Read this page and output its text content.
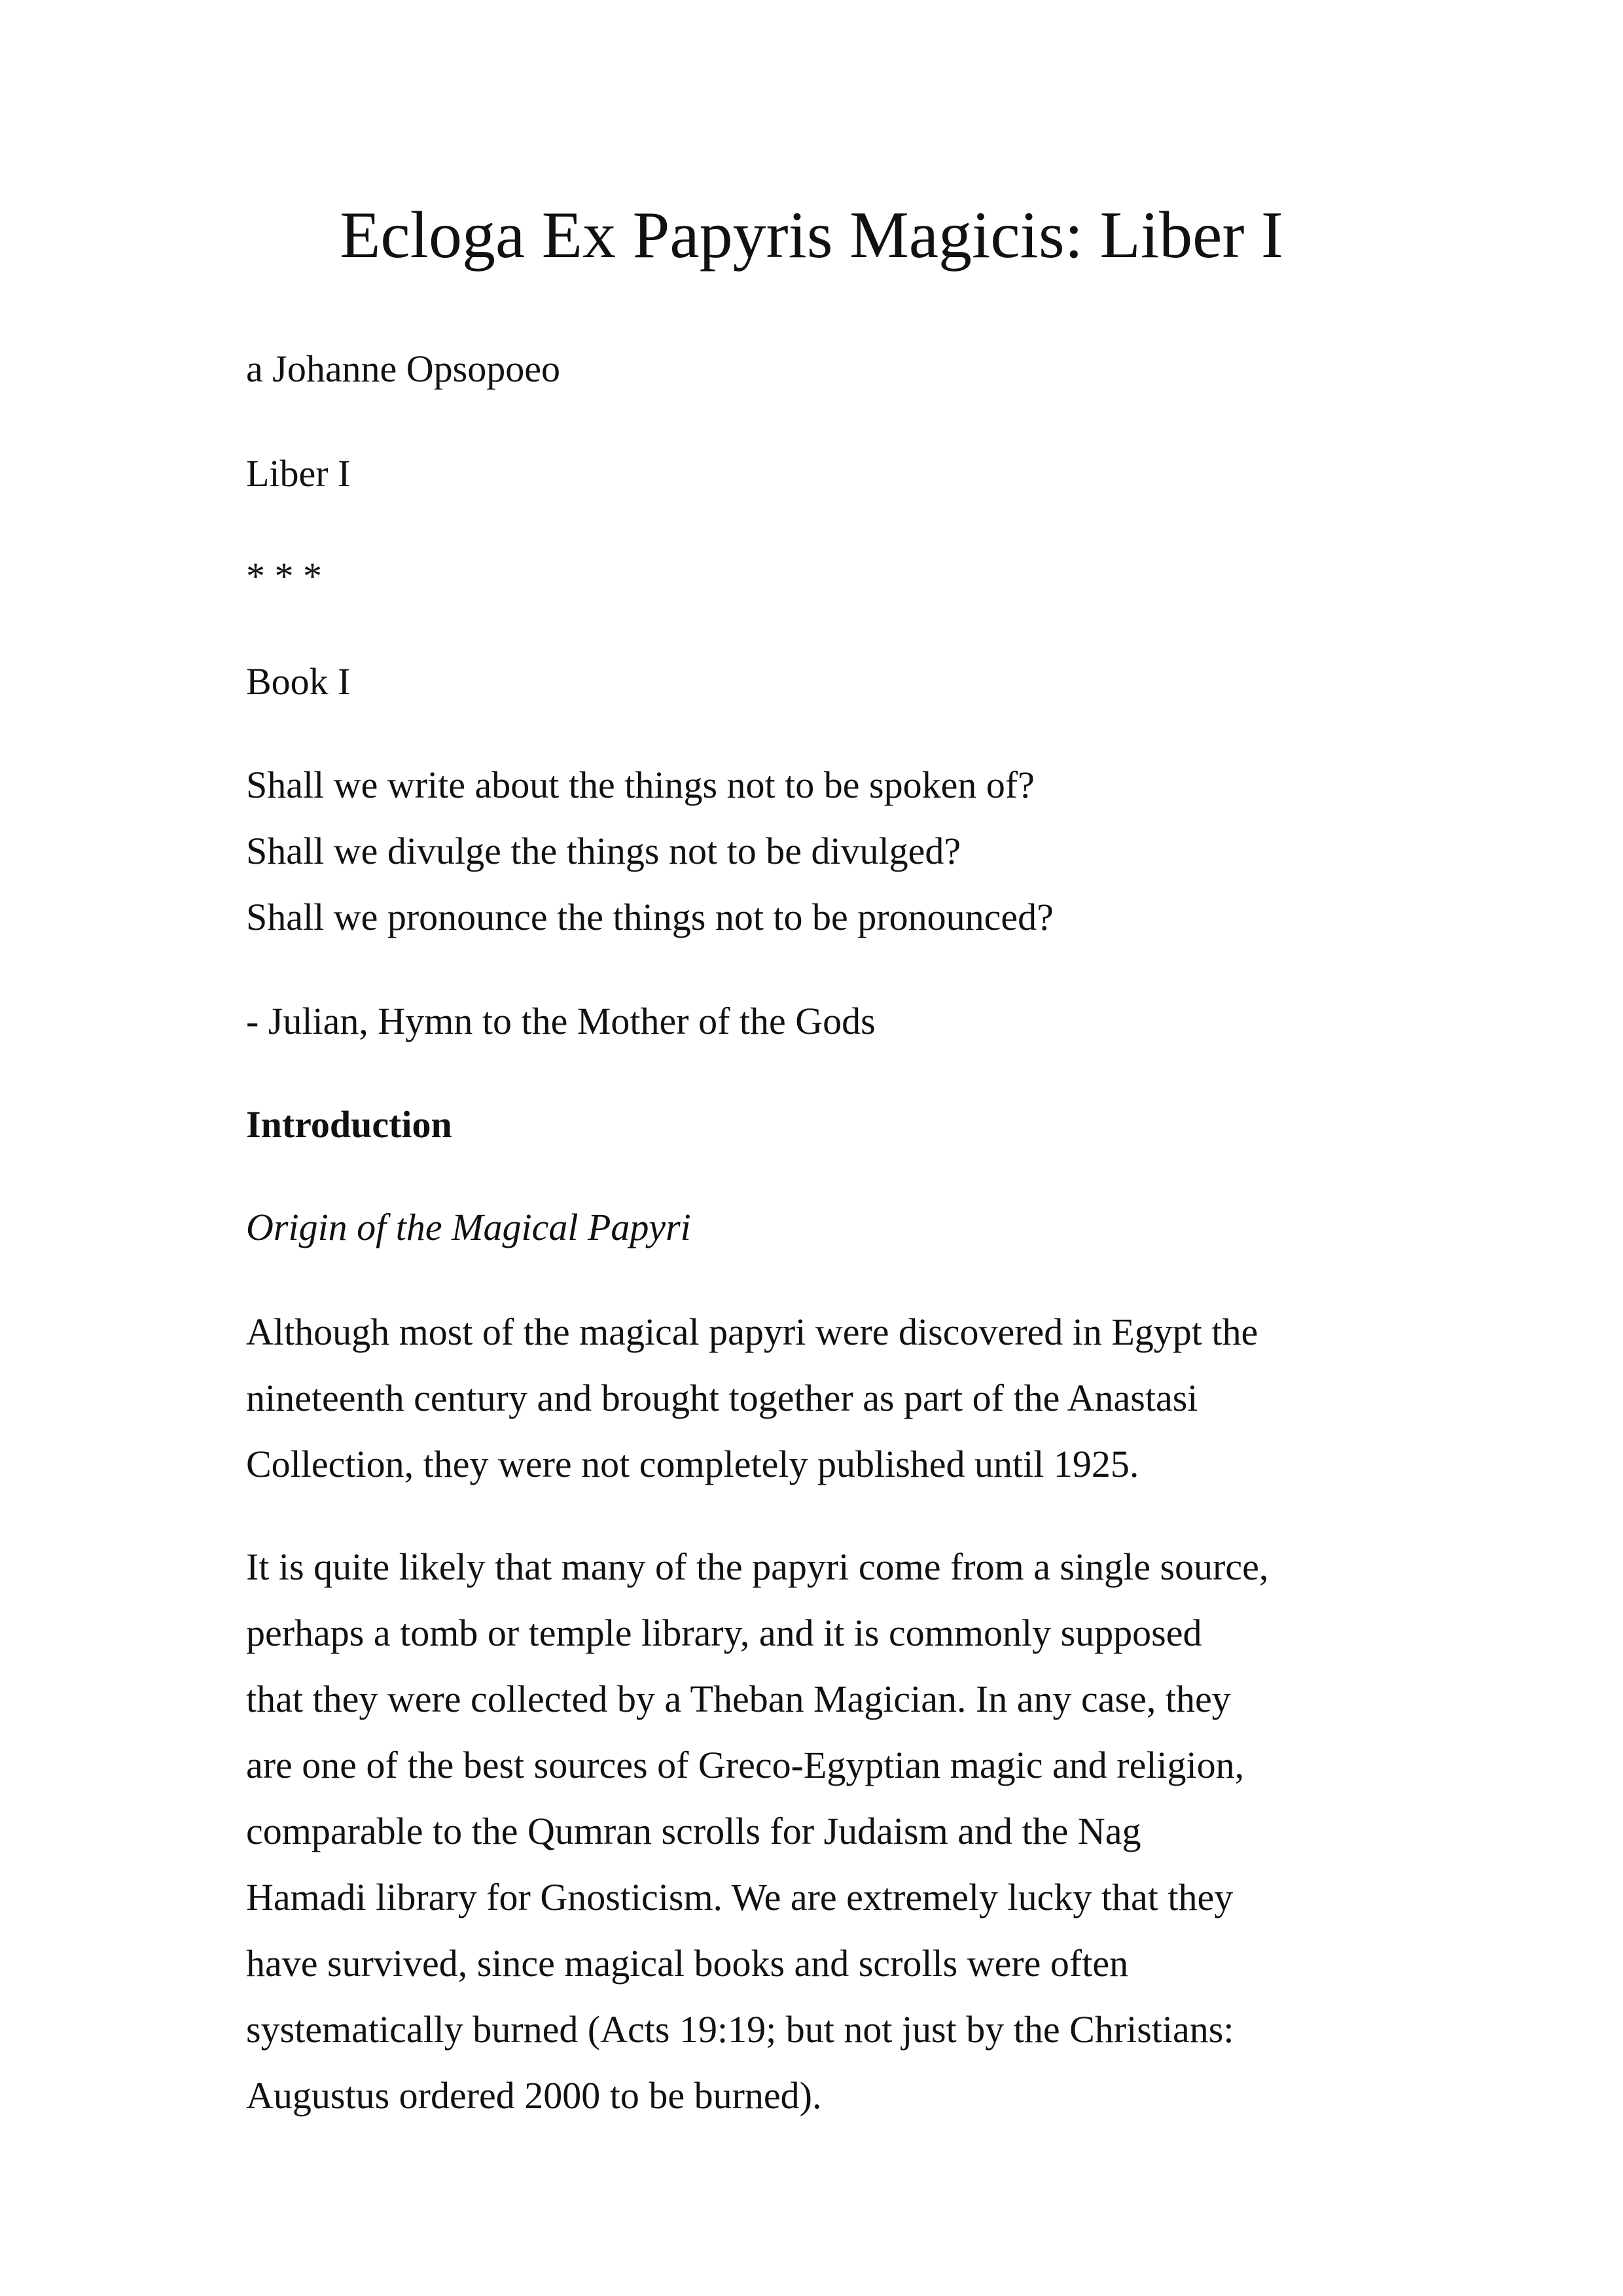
Ecloga Ex Papyris Magicis: Liber I
a Johanne Opsopoeo
Liber I
* * *
Book I
Shall we write about the things not to be spoken of?
Shall we divulge the things not to be divulged?
Shall we pronounce the things not to be pronounced?
- Julian, Hymn to the Mother of the Gods
Introduction
Origin of the Magical Papyri
Although most of the magical papyri were discovered in Egypt the
nineteenth century and brought together as part of the Anastasi
Collection, they were not completely published until 1925.
It is quite likely that many of the papyri come from a single source,
perhaps a tomb or temple library, and it is commonly supposed
that they were collected by a Theban Magician. In any case, they
are one of the best sources of Greco-Egyptian magic and religion,
comparable to the Qumran scrolls for Judaism and the Nag
Hamadi library for Gnosticism. We are extremely lucky that they
have survived, since magical books and scrolls were often
systematically burned (Acts 19:19; but not just by the Christians:
Augustus ordered 2000 to be burned).
